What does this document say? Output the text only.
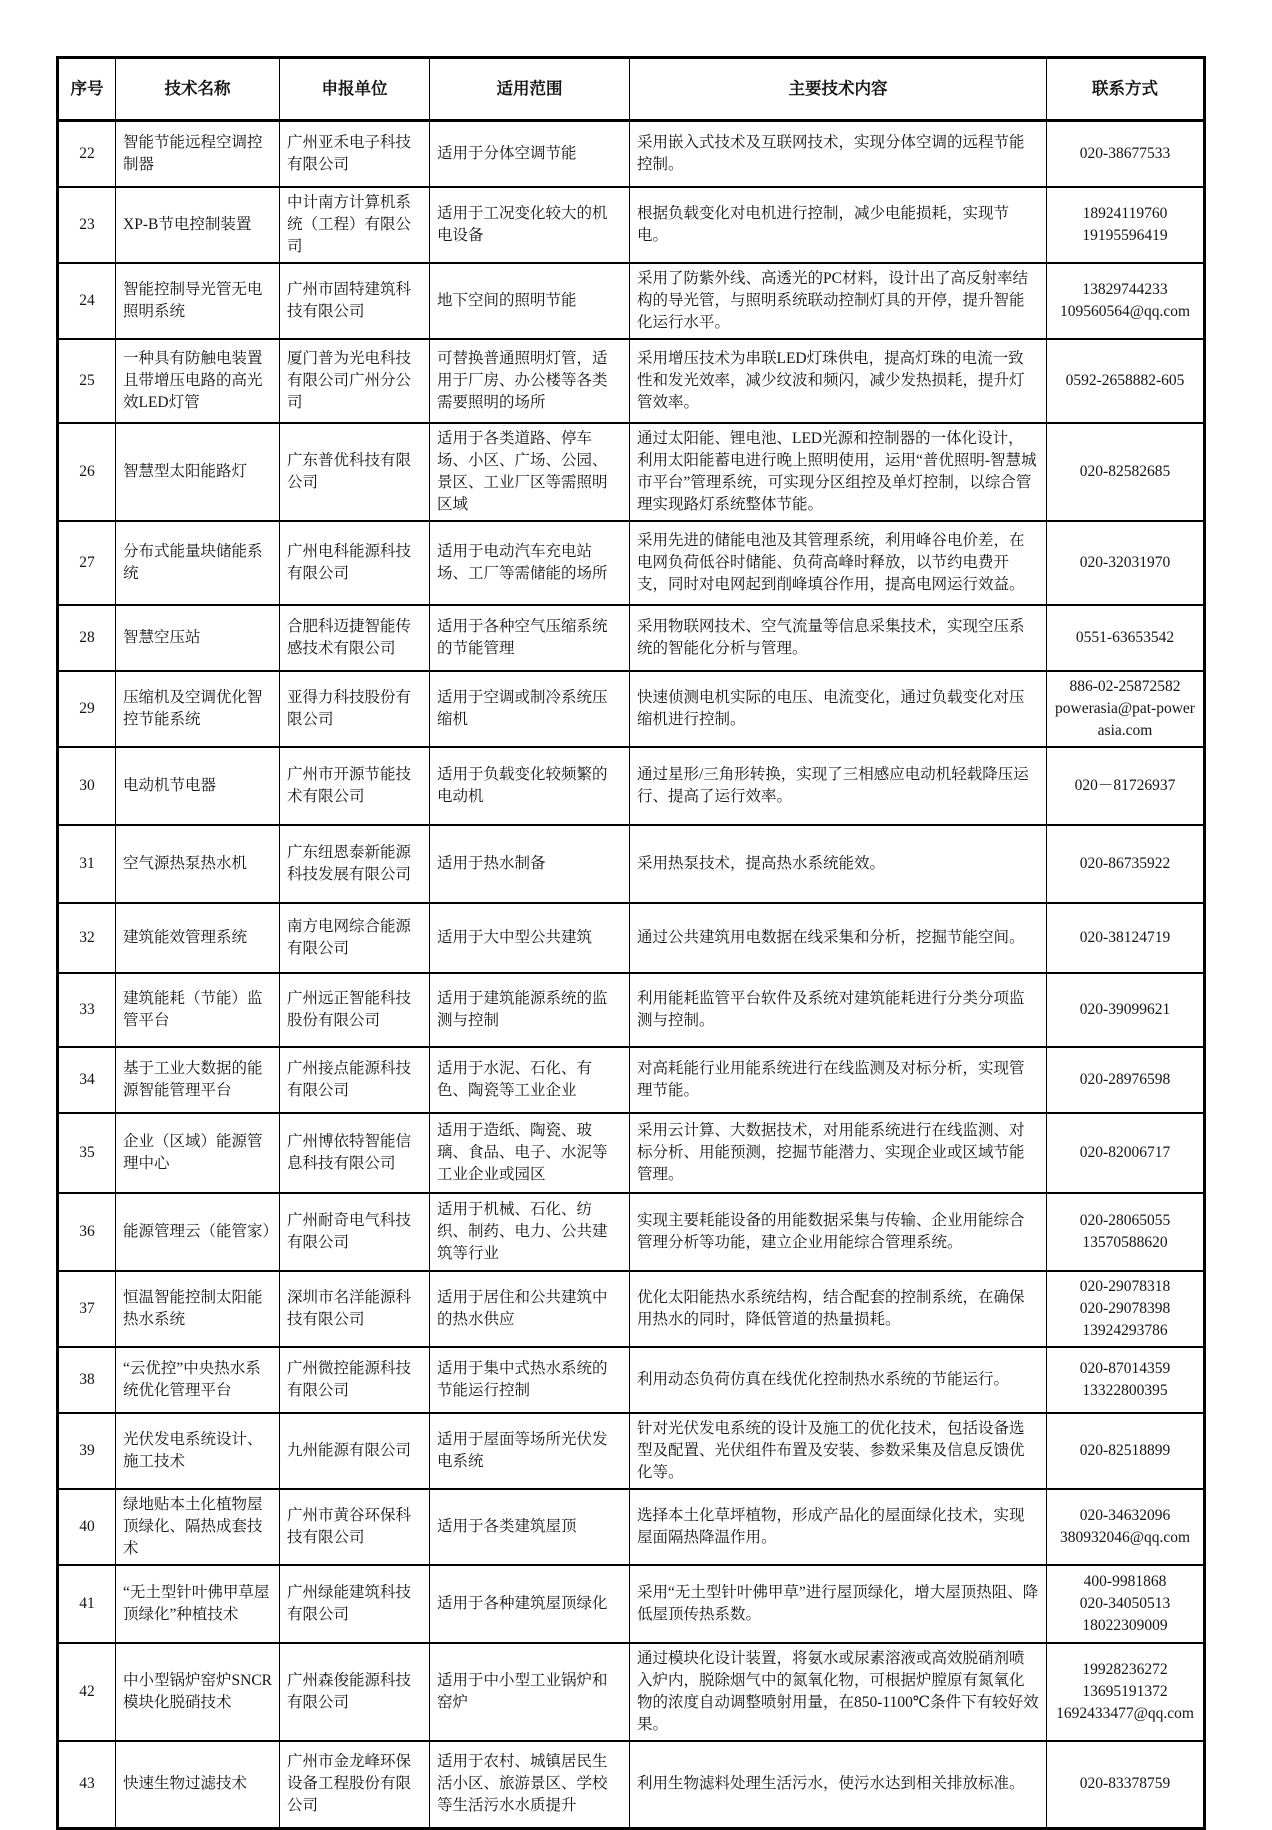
序号	技术名称	申报单位	适用范围	主要技术内容	联系方式
22	智能节能远程空调控制器	广州亚禾电子科技有限公司	适用于分体空调节能	采用嵌入式技术及互联网技术，实现分体空调的远程节能控制。	020-38677533

23	XP-B节电控制装置	中计南方计算机系统（工程）有限公司	适用于工况变化较大的机电设备	根据负载变化对电机进行控制，减少电能损耗，实现节电。	18924119760
19195596419

24	智能控制导光管无电照明系统	广州市固特建筑科技有限公司	地下空间的照明节能	采用了防紫外线、高透光的PC材料，设计出了高反射率结构的导光管，与照明系统联动控制灯具的开停，提升智能化运行水平。	13829744233
109560564@qq.com

25	一种具有防触电装置且带增压电路的高光效LED灯管	厦门普为光电科技有限公司广州分公司	可替换普通照明灯管，适用于厂房、办公楼等各类需要照明的场所	采用增压技术为串联LED灯珠供电，提高灯珠的电流一致性和发光效率，减少纹波和频闪，减少发热损耗，提升灯管效率。	0592-2658882-605

26	智慧型太阳能路灯	广东普优科技有限公司	适用于各类道路、停车场、小区、广场、公园、景区、工业厂区等需照明区域	通过太阳能、锂电池、LED光源和控制器的一体化设计，利用太阳能蓄电进行晚上照明使用，运用“普优照明-智慧城市平台”管理系统，可实现分区组控及单灯控制，以综合管理实现路灯系统整体节能。	020-82582685

27	分布式能量块储能系统	广州电科能源科技有限公司	适用于电动汽车充电站场、工厂等需储能的场所	采用先进的储能电池及其管理系统，利用峰谷电价差，在电网负荷低谷时储能、负荷高峰时释放，以节约电费开支，同时对电网起到削峰填谷作用，提高电网运行效益。	020-32031970

28	智慧空压站	合肥科迈捷智能传感技术有限公司	适用于各种空气压缩系统的节能管理	采用物联网技术、空气流量等信息采集技术，实现空压系统的智能化分析与管理。	0551-63653542

29	压缩机及空调优化智控节能系统	亚得力科技股份有限公司	适用于空调或制冷系统压缩机	快速侦测电机实际的电压、电流变化，通过负载变化对压缩机进行控制。	886-02-25872582
powerasia@pat-powerasia.com

30	电动机节电器	广州市开源节能技术有限公司	适用于负载变化较频繁的电动机	通过星形/三角形转换，实现了三相感应电动机轻载降压运行、提高了运行效率。	020－81726937

31	空气源热泵热水机	广东纽恩泰新能源科技发展有限公司	适用于热水制备	采用热泵技术，提高热水系统能效。	020-86735922

32	建筑能效管理系统	南方电网综合能源有限公司	适用于大中型公共建筑	通过公共建筑用电数据在线采集和分析，挖掘节能空间。	020-38124719

33	建筑能耗（节能）监管平台	广州远正智能科技股份有限公司	适用于建筑能源系统的监测与控制	利用能耗监管平台软件及系统对建筑能耗进行分类分项监测与控制。	020-39099621

34	基于工业大数据的能源智能管理平台	广州接点能源科技有限公司	适用于水泥、石化、有色、陶瓷等工业企业	对高耗能行业用能系统进行在线监测及对标分析，实现管理节能。	020-28976598

35	企业（区域）能源管理中心	广州博依特智能信息科技有限公司	适用于造纸、陶瓷、玻璃、食品、电子、水泥等工业企业或园区	采用云计算、大数据技术，对用能系统进行在线监测、对标分析、用能预测，挖掘节能潜力、实现企业或区域节能管理。	020-82006717

36	能源管理云（能管家）	广州耐奇电气科技有限公司	适用于机械、石化、纺织、制药、电力、公共建筑等行业	实现主要耗能设备的用能数据采集与传输、企业用能综合管理分析等功能，建立企业用能综合管理系统。	020-28065055
13570588620

37	恒温智能控制太阳能热水系统	深圳市名洋能源科技有限公司	适用于居住和公共建筑中的热水供应	优化太阳能热水系统结构，结合配套的控制系统，在确保用热水的同时，降低管道的热量损耗。	020-29078318
020-29078398
13924293786

38	“云优控”中央热水系统优化管理平台	广州微控能源科技有限公司	适用于集中式热水系统的节能运行控制	利用动态负荷仿真在线优化控制热水系统的节能运行。	020-87014359
13322800395

39	光伏发电系统设计、施工技术	九州能源有限公司	适用于屋面等场所光伏发电系统	针对光伏发电系统的设计及施工的优化技术，包括设备选型及配置、光伏组件布置及安装、参数采集及信息反馈优化等。	020-82518899

40	绿地贴本土化植物屋顶绿化、隔热成套技术	广州市黄谷环保科技有限公司	适用于各类建筑屋顶	选择本土化草坪植物，形成产品化的屋面绿化技术，实现屋面隔热降温作用。	020-34632096
380932046@qq.com

41	“无土型针叶佛甲草屋顶绿化”种植技术	广州绿能建筑科技有限公司	适用于各种建筑屋顶绿化	采用“无土型针叶佛甲草”进行屋顶绿化，增大屋顶热阻、降低屋顶传热系数。	400-9981868
020-34050513
18022309009

42	中小型锅炉窑炉SNCR模块化脱硝技术	广州森俊能源科技有限公司	适用于中小型工业锅炉和窑炉	通过模块化设计装置，将氨水或尿素溶液或高效脱硝剂喷入炉内，脱除烟气中的氮氧化物，可根据炉膛原有氮氧化物的浓度自动调整喷射用量，在850-1100℃条件下有较好效果。	19928236272
13695191372
1692433477@qq.com

43	快速生物过滤技术	广州市金龙峰环保设备工程股份有限公司	适用于农村、城镇居民生活小区、旅游景区、学校等生活污水水质提升	利用生物滤料处理生活污水，使污水达到相关排放标准。	020-83378759
